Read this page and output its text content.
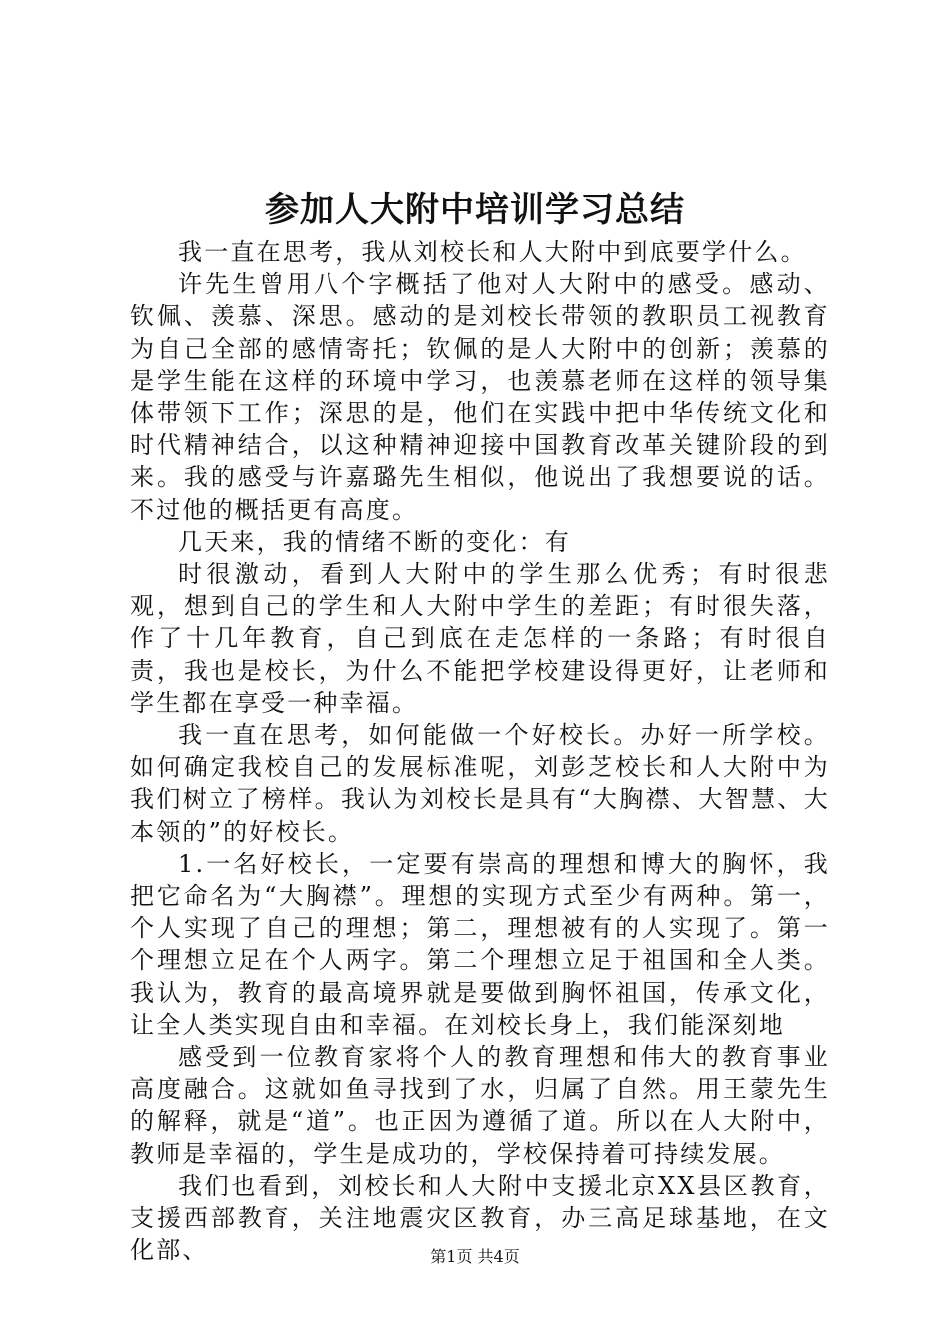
参加人大附中培训学习总结

我一直在思考，我从刘校长和人大附中到底要学什么。

许先生曾用八个字概括了他对人大附中的感受。感动、钦佩、羡慕、深思。感动的是刘校长带领的教职员工视教育为自己全部的感情寄托；钦佩的是人大附中的创新；羡慕的是学生能在这样的环境中学习，也羡慕老师在这样的领导集体带领下工作；深思的是，他们在实践中把中华传统文化和时代精神结合，以这种精神迎接中国教育改革关键阶段的到来。我的感受与许嘉璐先生相似，他说出了我想要说的话。不过他的概括更有高度。

几天来，我的情绪不断的变化：有

时很激动，看到人大附中的学生那么优秀；有时很悲观，想到自己的学生和人大附中学生的差距；有时很失落，作了十几年教育，自己到底在走怎样的一条路；有时很自责，我也是校长，为什么不能把学校建设得更好，让老师和学生都在享受一种幸福。

我一直在思考，如何能做一个好校长。办好一所学校。如何确定我校自己的发展标准呢，刘彭芝校长和人大附中为我们树立了榜样。我认为刘校长是具有“大胸襟、大智慧、大本领的”的好校长。

1.一名好校长，一定要有崇高的理想和博大的胸怀，我把它命名为“大胸襟”。理想的实现方式至少有两种。第一，个人实现了自己的理想；第二，理想被有的人实现了。第一个理想立足在个人两字。第二个理想立足于祖国和全人类。我认为，教育的最高境界就是要做到胸怀祖国，传承文化，让全人类实现自由和幸福。在刘校长身上，我们能深刻地

感受到一位教育家将个人的教育理想和伟大的教育事业高度融合。这就如鱼寻找到了水，归属了自然。用王蒙先生的解释，就是“道”。也正因为遵循了道。所以在人大附中，教师是幸福的，学生是成功的，学校保持着可持续发展。

我们也看到，刘校长和人大附中支援北京XX县区教育，支援西部教育，关注地震灾区教育，办三高足球基地，在文化部、	第1页 共4页
